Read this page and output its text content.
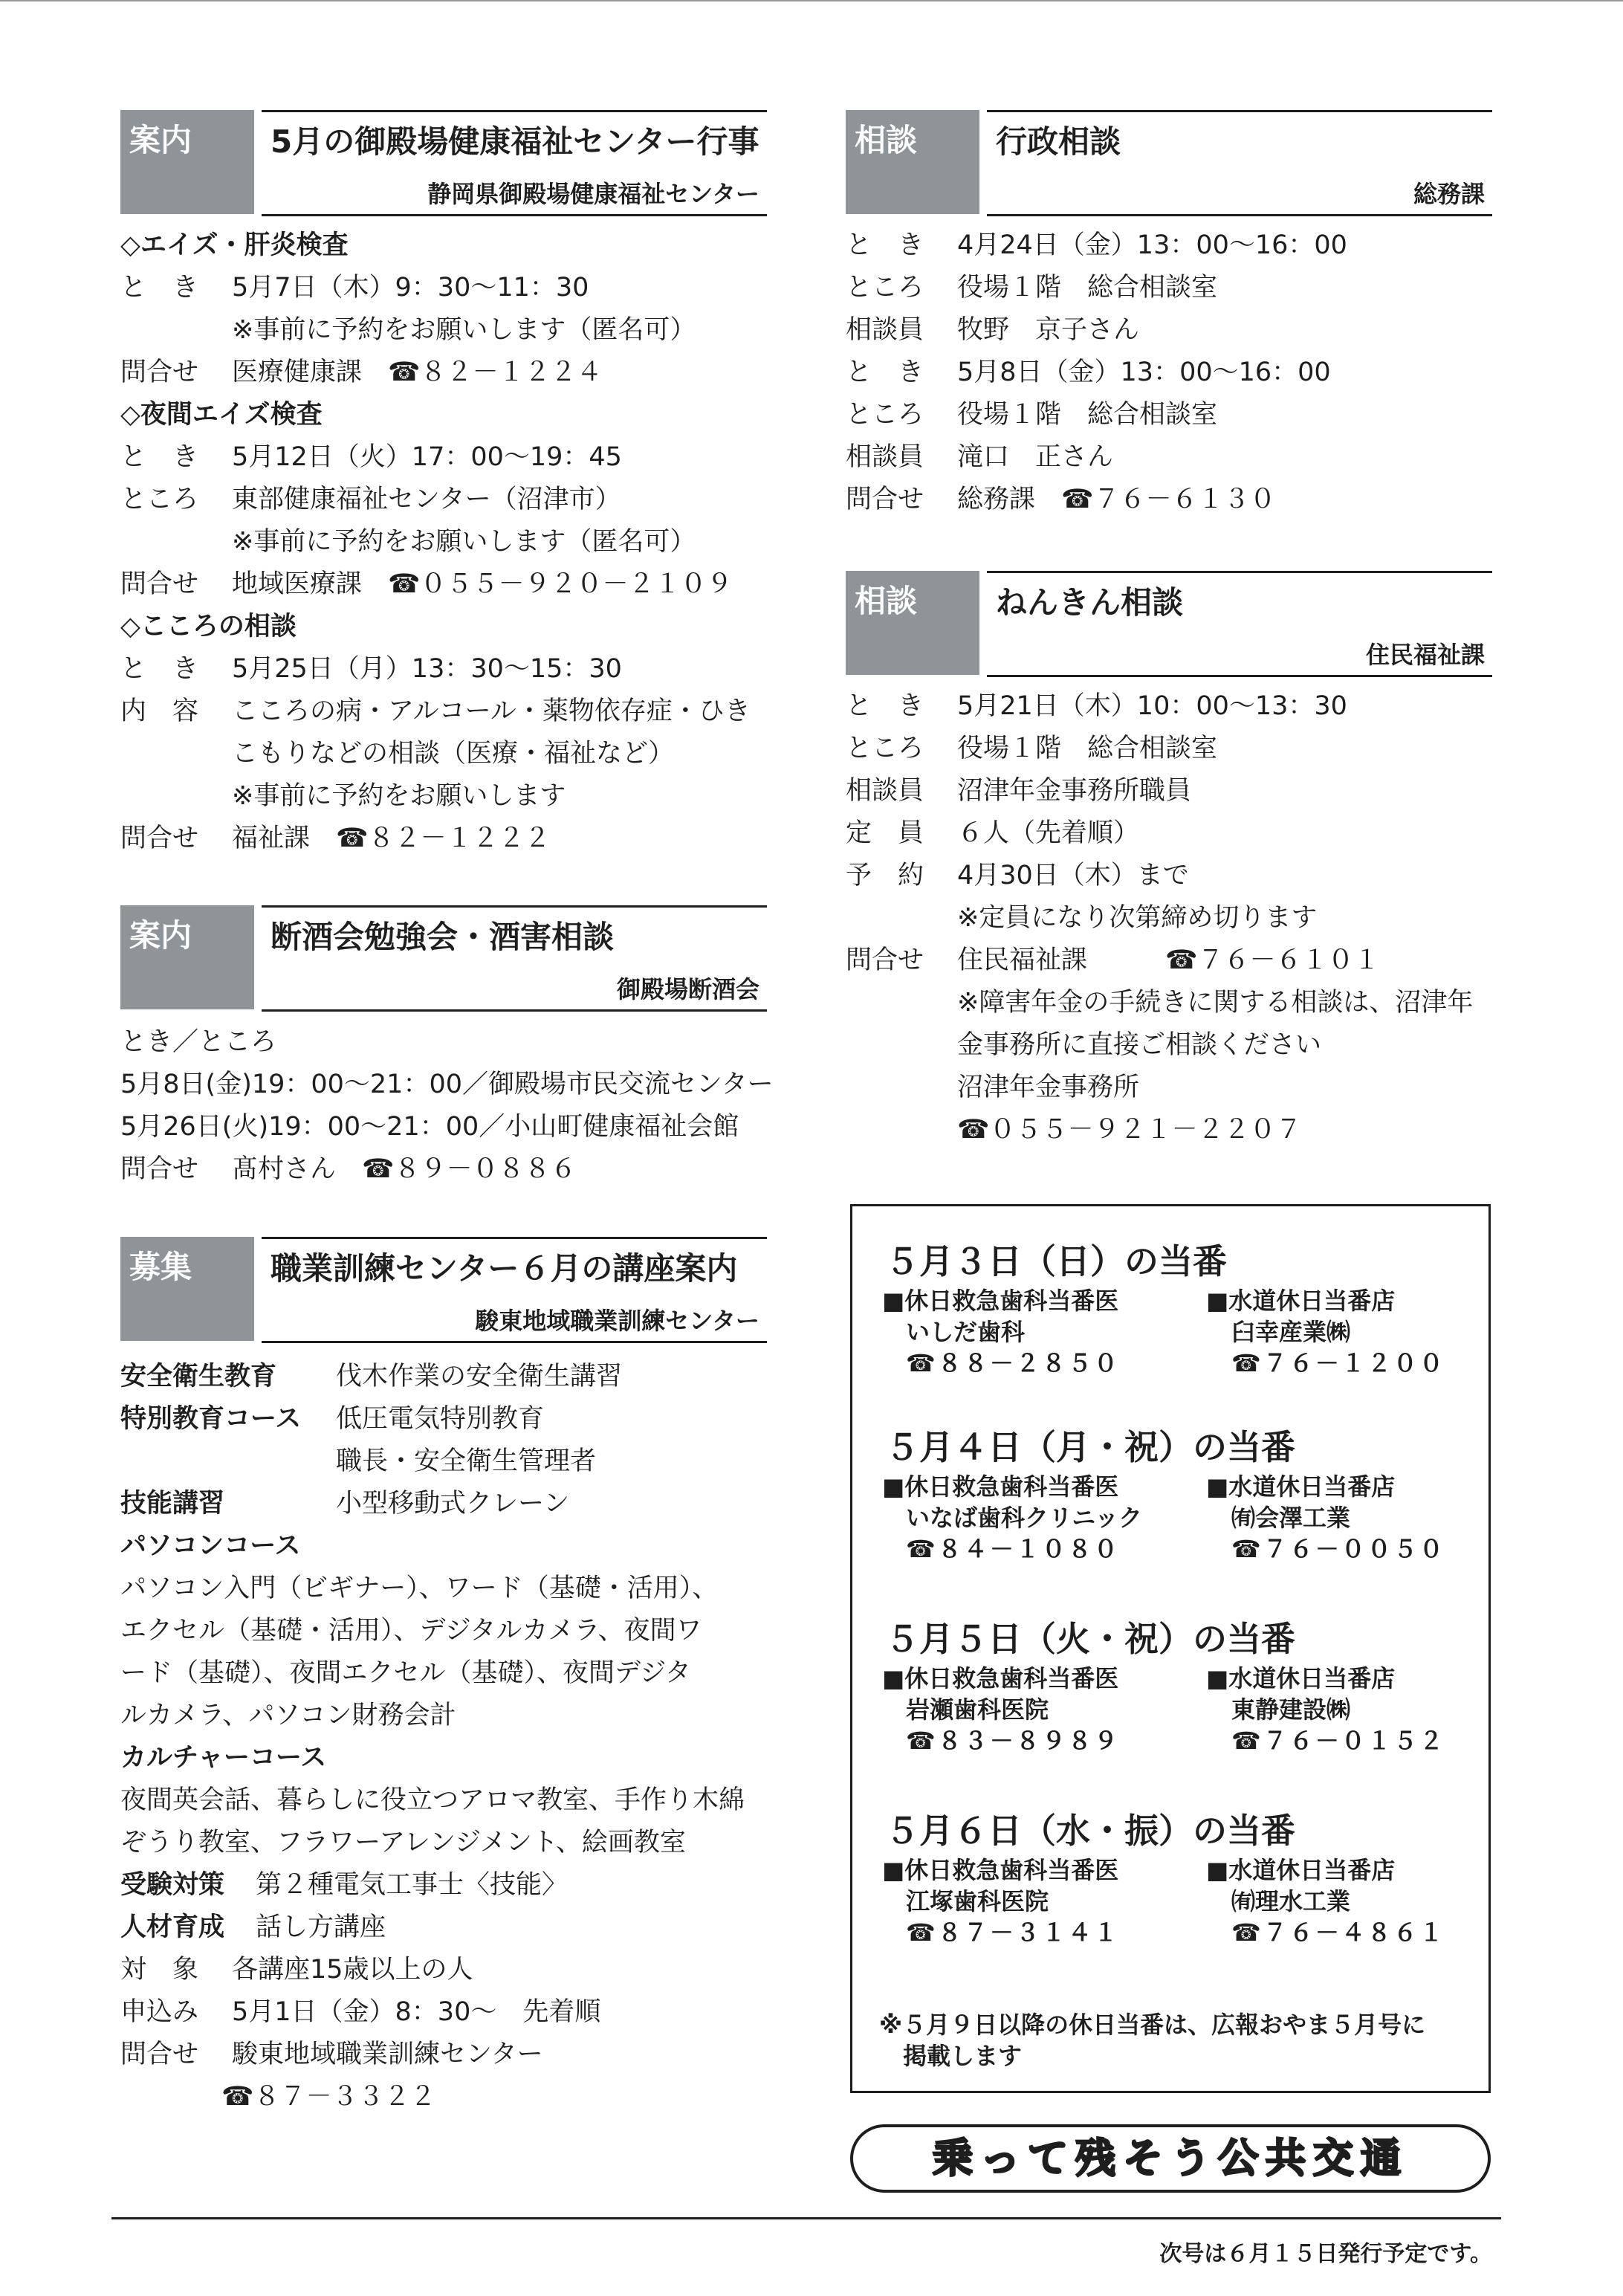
案内	5月の御殿場健康福祉センター行事
静岡県御殿場健康福祉センター
◇エイズ・肝炎検査
と　き 5月7日（木）9：30～11：30
※事前に予約をお願いします（匿名可）
問合せ 医療健康課　☎８２－１２２４
◇夜間エイズ検査
と　き 5月12日（火）17：00～19：45
ところ 東部健康福祉センター（沼津市）
※事前に予約をお願いします（匿名可）
問合せ 地域医療課　☎０５５－９２０－２１０９
◇こころの相談
と　き 5月25日（月）13：30～15：30
内　容 こころの病・アルコール・薬物依存症・ひき
こもりなどの相談（医療・福祉など）
※事前に予約をお願いします
問合せ 福祉課　☎８２－１２２２
案内	断酒会勉強会・酒害相談
御殿場断酒会
とき／ところ
5月8日(金)19：00～21：00／御殿場市民交流センター
5月26日(火)19：00～21：00／小山町健康福祉会館
問合せ 髙村さん　☎８９－０８８６
募集	職業訓練センター６月の講座案内
駿東地域職業訓練センター
安全衛生教育 伐木作業の安全衛生講習
特別教育コース 低圧電気特別教育
職長・安全衛生管理者
技能講習	小型移動式クレーン
パソコンコース
パソコン入門（ビギナー）、ワード（基礎・活用）、
エクセル（基礎・活用）、デジタルカメラ、夜間ワ
ード（基礎）、夜間エクセル（基礎）、夜間デジタ
ルカメラ、パソコン財務会計
カルチャーコース
夜間英会話、暮らしに役立つアロマ教室、手作り木綿
ぞうり教室、フラワーアレンジメント、絵画教室
受験対策 第２種電気工事士〈技能〉
人材育成 話し方講座
対　象 各講座15歳以上の人
申込み 5月1日（金）8：30～　先着順
問合せ 駿東地域職業訓練センター
☎８７－３３２２
相談	行政相談
総務課
と　き 4月24日（金）13：00～16：00
ところ 役場１階　総合相談室
相談員 牧野　京子さん
と　き 5月8日（金）13：00～16：00
ところ 役場１階　総合相談室
相談員 滝口　正さん
問合せ 総務課　☎７６－６１３０
相談	ねんきん相談
住民福祉課
と　き 5月21日（木）10：00～13：30
ところ 役場１階　総合相談室
相談員 沼津年金事務所職員
定　員 ６人（先着順）
予　約 4月30日（木）まで
※定員になり次第締め切ります
問合せ 住民福祉課　　　☎７６－６１０１
※障害年金の手続きに関する相談は、沼津年
金事務所に直接ご相談ください
沼津年金事務所
☎０５５－９２１－２２０７
５月３日（日）の当番
■休日救急歯科当番医
いしだ歯科
☎８８－２８５０
■水道休日当番店
臼幸産業㈱
☎７６－１２００
５月４日（月・祝）の当番
■休日救急歯科当番医
いなば歯科クリニック
☎８４－１０８０
■水道休日当番店
㈲会澤工業
☎７６－００５０
５月５日（火・祝）の当番
■休日救急歯科当番医
岩瀬歯科医院
☎８３－８９８９
■水道休日当番店
東静建設㈱
☎７６－０１５２
５月６日（水・振）の当番
■休日救急歯科当番医
江塚歯科医院
☎８７－３１４１
■水道休日当番店
㈲理水工業
☎７６－４８６１
※５月９日以降の休日当番は、広報おやま５月号に
掲載します
乗って残そう公共交通
次号は６月１５日発行予定です。
